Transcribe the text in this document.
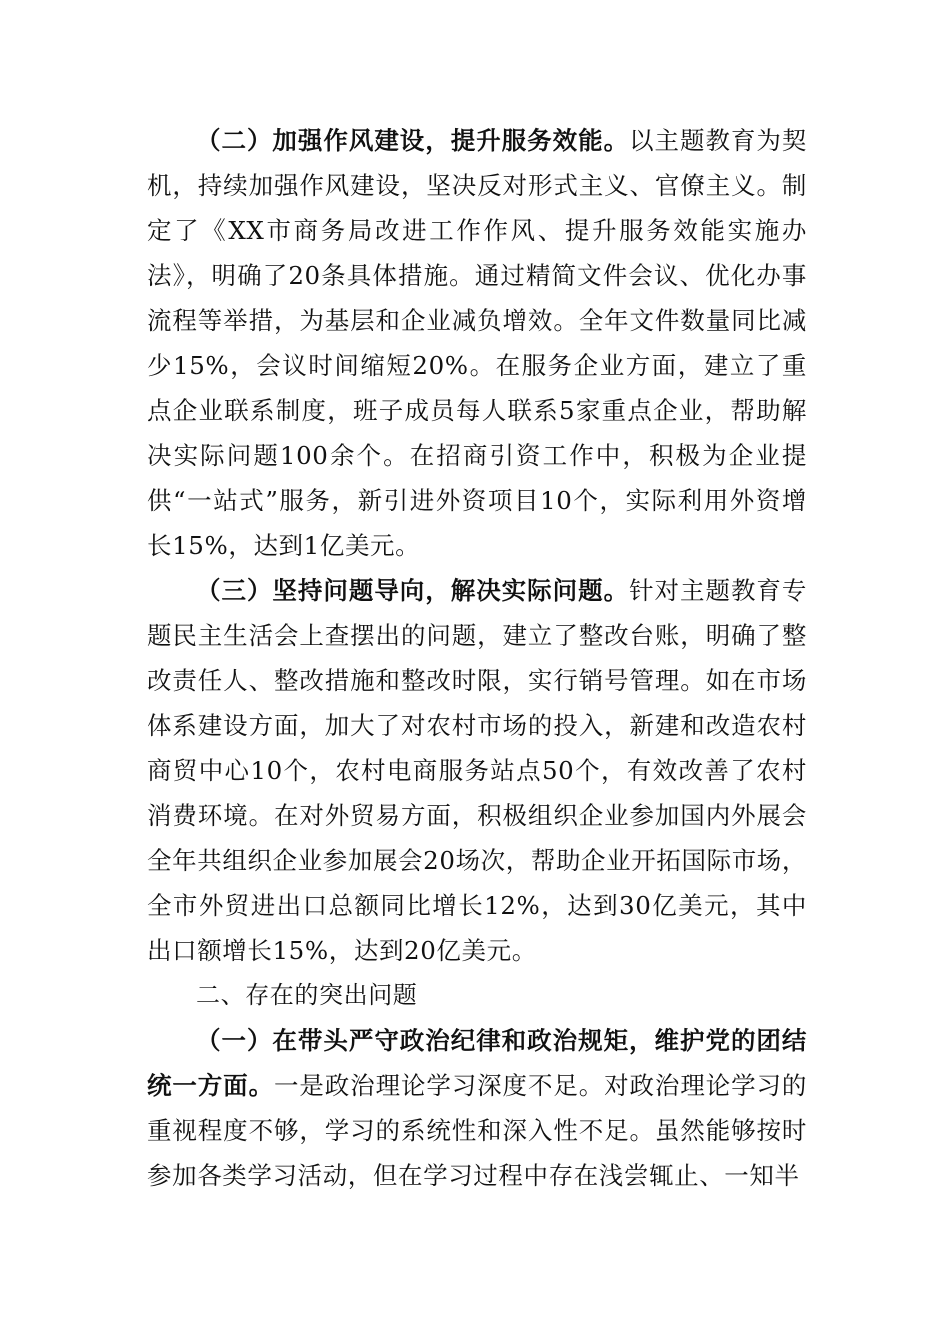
（二）加强作风建设，提升服务效能。以主题教育为契机，持续加强作风建设，坚决反对形式主义、官僚主义。制定了《XX市商务局改进工作作风、提升服务效能实施办法》，明确了20条具体措施。通过精简文件会议、优化办事流程等举措，为基层和企业减负增效。全年文件数量同比减少15%，会议时间缩短20%。在服务企业方面，建立了重点企业联系制度，班子成员每人联系5家重点企业，帮助解决实际问题100余个。在招商引资工作中，积极为企业提供“一站式”服务，新引进外资项目10个，实际利用外资增长15%，达到1亿美元。

（三）坚持问题导向，解决实际问题。针对主题教育专题民主生活会上查摆出的问题，建立了整改台账，明确了整改责任人、整改措施和整改时限，实行销号管理。如在市场体系建设方面，加大了对农村市场的投入，新建和改造农村商贸中心10个，农村电商服务站点50个，有效改善了农村消费环境。在对外贸易方面，积极组织企业参加国内外展会全年共组织企业参加展会20场次，帮助企业开拓国际市场，全市外贸进出口总额同比增长12%，达到30亿美元，其中出口额增长15%，达到20亿美元。

二、存在的突出问题

（一）在带头严守政治纪律和政治规矩，维护党的团结统一方面。一是政治理论学习深度不足。对政治理论学习的重视程度不够，学习的系统性和深入性不足。虽然能够按时参加各类学习活动，但在学习过程中存在浅尝辄止、一知半
